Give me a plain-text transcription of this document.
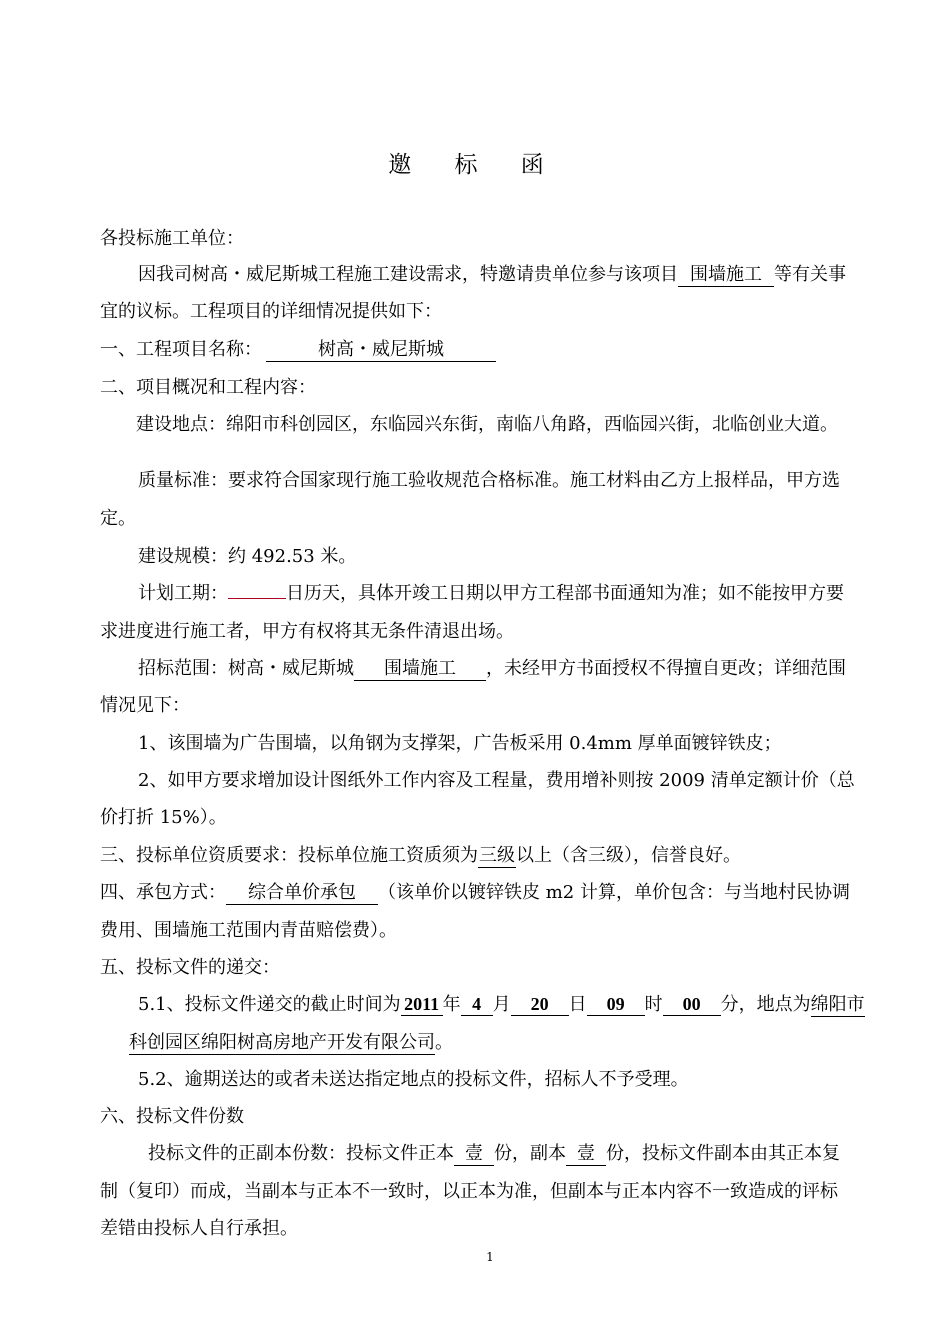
邀 标 函
各投标施工单位：
因我司树高・威尼斯城工程施工建设需求，特邀请贵单位参与该项目 围墙施工 等有关事
宜的议标。工程项目的详细情况提供如下：
一、工程项目名称：	树高・威尼斯城
二、项目概况和工程内容：
建设地点：绵阳市科创园区，东临园兴东街，南临八角路，西临园兴街，北临创业大道。
质量标准：要求符合国家现行施工验收规范合格标准。施工材料由乙方上报样品，甲方选
定。
建设规模：约 492.53 米。
计划工期：	日历天，具体开竣工日期以甲方工程部书面通知为准；如不能按甲方要
求进度进行施工者，甲方有权将其无条件清退出场。
招标范围：树高・威尼斯城 围墙施工 ，未经甲方书面授权不得擅自更改；详细范围
情况见下：
1、该围墙为广告围墙，以角钢为支撑架，广告板采用 0.4mm 厚单面镀锌铁皮；
2、如甲方要求增加设计图纸外工作内容及工程量，费用增补则按 2009 清单定额计价（总
价打折 15%）。
三、投标单位资质要求：投标单位施工资质须为三级以上（含三级），信誉良好。
四、承包方式： 综合单价承包 （该单价以镀锌铁皮 m2 计算，单价包含：与当地村民协调
费用、围墙施工范围内青苗赔偿费）。
五、投标文件的递交：
5.1、投标文件递交的截止时间为 2011 年 4 月 20 日 09 时 00 分，地点为绵阳市
科创园区绵阳树高房地产开发有限公司。
5.2、逾期送达的或者未送达指定地点的投标文件，招标人不予受理。
六、投标文件份数
投标文件的正副本份数：投标文件正本 壹 份，副本 壹 份，投标文件副本由其正本复
制（复印）而成，当副本与正本不一致时，以正本为准，但副本与正本内容不一致造成的评标
差错由投标人自行承担。
1
